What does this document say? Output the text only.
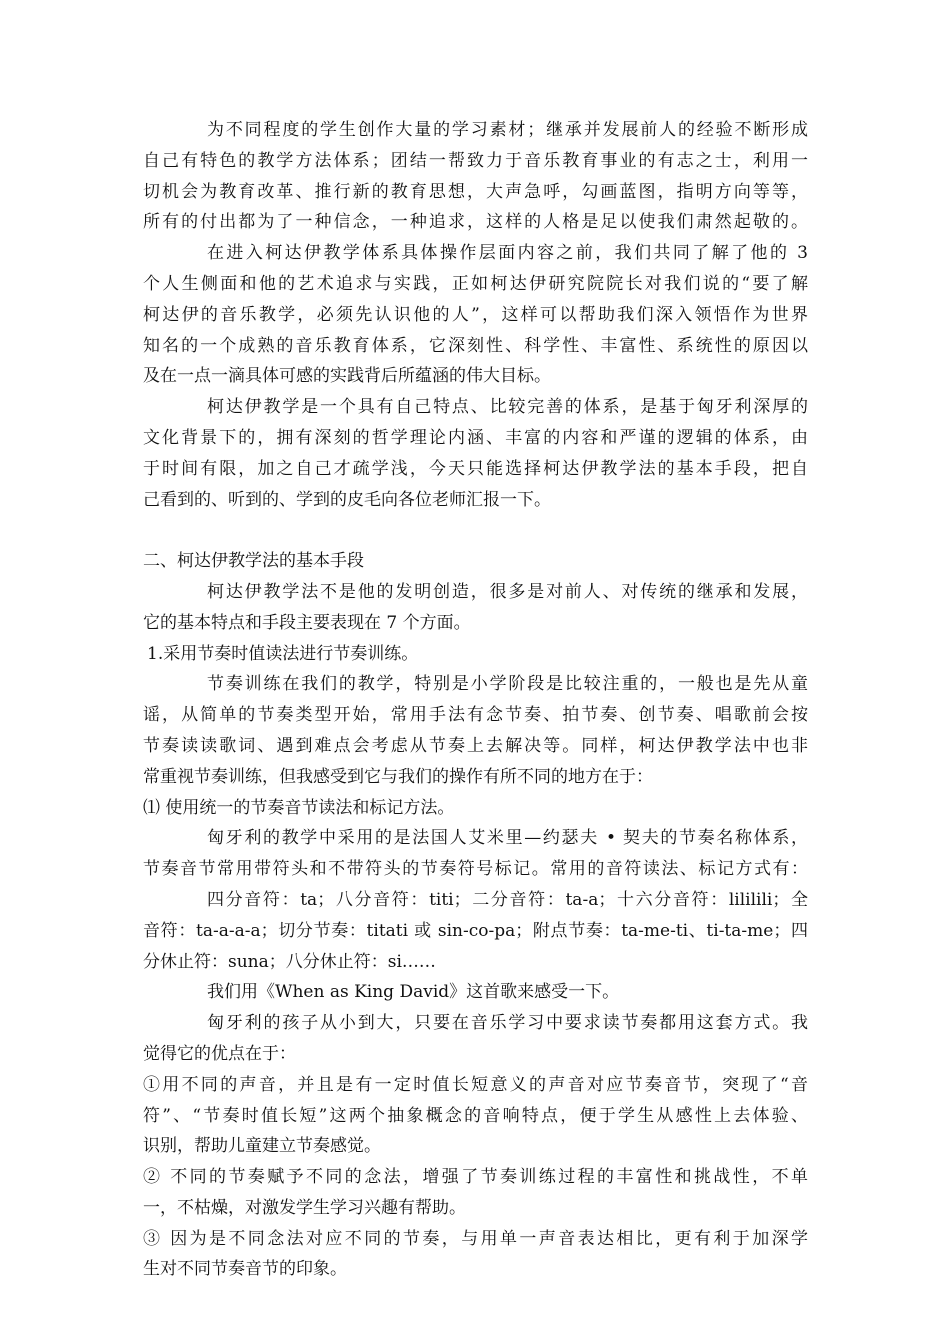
为不同程度的学生创作大量的学习素材；继承并发展前人的经验不断形成
自己有特色的教学方法体系；团结一帮致力于音乐教育事业的有志之士，利用一
切机会为教育改革、推行新的教育思想，大声急呼，勾画蓝图，指明方向等等，
所有的付出都为了一种信念，一种追求，这样的人格是足以使我们肃然起敬的。
在进入柯达伊教学体系具体操作层面内容之前，我们共同了解了他的 3
个人生侧面和他的艺术追求与实践，正如柯达伊研究院院长对我们说的“要了解
柯达伊的音乐教学，必须先认识他的人”，这样可以帮助我们深入领悟作为世界
知名的一个成熟的音乐教育体系，它深刻性、科学性、丰富性、系统性的原因以
及在一点一滴具体可感的实践背后所蕴涵的伟大目标。
柯达伊教学是一个具有自己特点、比较完善的体系，是基于匈牙利深厚的
文化背景下的，拥有深刻的哲学理论内涵、丰富的内容和严谨的逻辑的体系，由
于时间有限，加之自己才疏学浅，今天只能选择柯达伊教学法的基本手段，把自
己看到的、听到的、学到的皮毛向各位老师汇报一下。
二、柯达伊教学法的基本手段
柯达伊教学法不是他的发明创造，很多是对前人、对传统的继承和发展，
它的基本特点和手段主要表现在 7 个方面。
1.采用节奏时值读法进行节奏训练。
节奏训练在我们的教学，特别是小学阶段是比较注重的，一般也是先从童
谣，从简单的节奏类型开始，常用手法有念节奏、拍节奏、创节奏、唱歌前会按
节奏读读歌词、遇到难点会考虑从节奏上去解决等。同样，柯达伊教学法中也非
常重视节奏训练，但我感受到它与我们的操作有所不同的地方在于：
⑴ 使用统一的节奏音节读法和标记方法。
匈牙利的教学中采用的是法国人艾米里—约瑟夫 • 契夫的节奏名称体系，
节奏音节常用带符头和不带符头的节奏符号标记。常用的音符读法、标记方式有：
四分音符：ta；八分音符：titi；二分音符：ta-a；十六分音符：lilili​li；全
音符：ta-a-a-a；切分节奏：titati 或 sin-co-pa；附点节奏：ta-me-ti、ti-ta-me；四
分休止符：suna；八分休止符：si……
我们用《When as King David》这首歌来感受一下。
匈牙利的孩子从小到大，只要在音乐学习中要求读节奏都用这套方式。我
觉得它的优点在于：
①用不同的声音，并且是有一定时值长短意义的声音对应节奏音节，突现了“音
符”、“节奏时值长短”这两个抽象概念的音响特点，便于学生从感性上去体验、
识别，帮助儿童建立节奏感觉。
② 不同的节奏赋予不同的念法，增强了节奏训练过程的丰富性和挑战性，不单
一，不枯燥，对激发学生学习兴趣有帮助。
③ 因为是不同念法对应不同的节奏，与用单一声音表达相比，更有利于加深学
生对不同节奏音节的印象。
